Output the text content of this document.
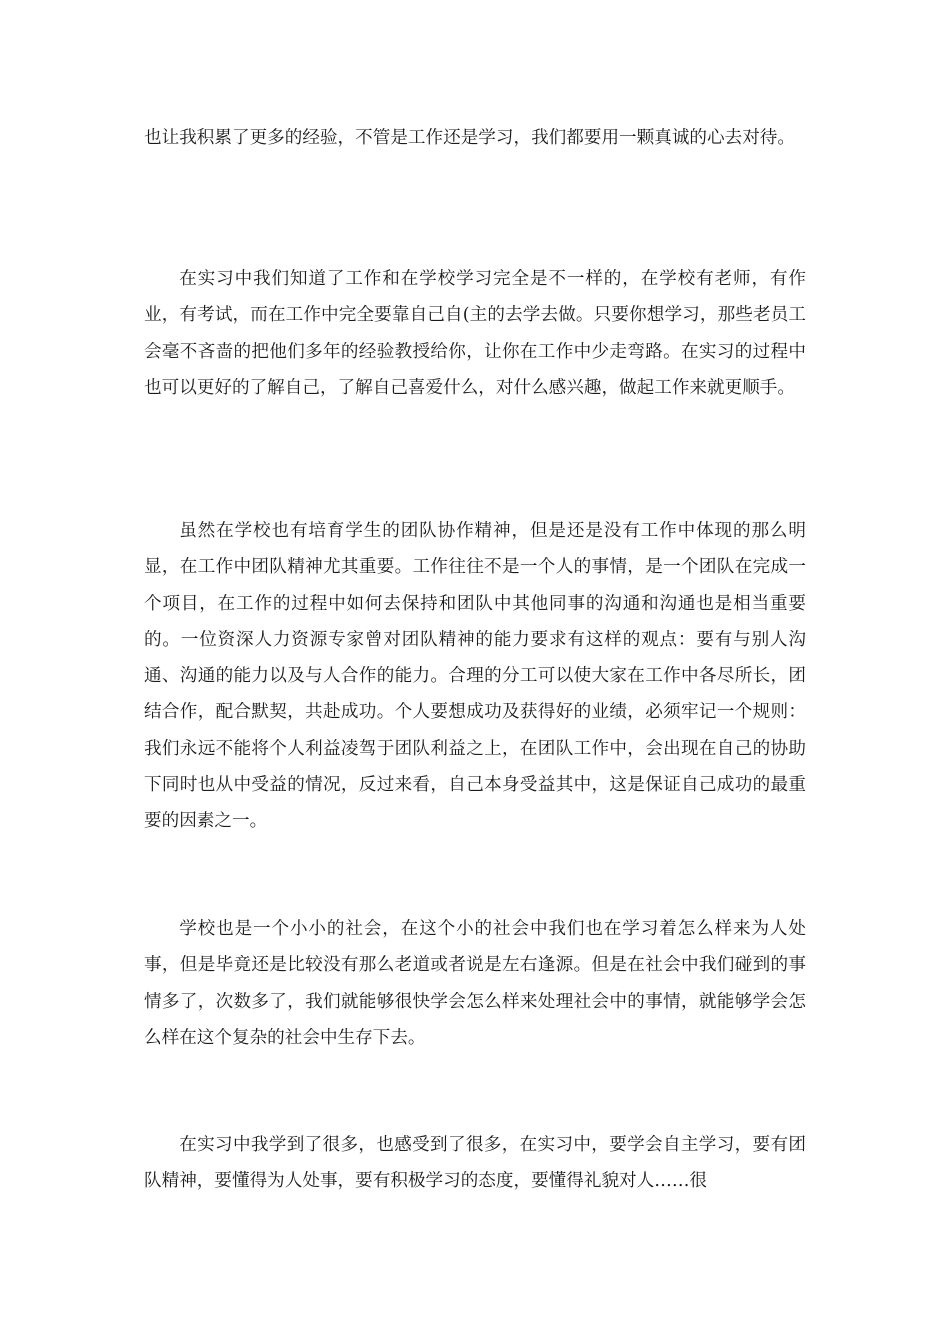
也让我积累了更多的经验，不管是工作还是学习，我们都要用一颗真诚的心去对待。

在实习中我们知道了工作和在学校学习完全是不一样的，在学校有老师，有作业，有考试，而在工作中完全要靠自己自(主的去学去做。只要你想学习，那些老员工会毫不吝啬的把他们多年的经验教授给你，让你在工作中少走弯路。在实习的过程中也可以更好的了解自己，了解自己喜爱什么，对什么感兴趣，做起工作来就更顺手。

虽然在学校也有培育学生的团队协作精神，但是还是没有工作中体现的那么明显，在工作中团队精神尤其重要。工作往往不是一个人的事情，是一个团队在完成一个项目，在工作的过程中如何去保持和团队中其他同事的沟通和沟通也是相当重要的。一位资深人力资源专家曾对团队精神的能力要求有这样的观点：要有与别人沟通、沟通的能力以及与人合作的能力。合理的分工可以使大家在工作中各尽所长，团结合作，配合默契，共赴成功。个人要想成功及获得好的业绩，必须牢记一个规则：我们永远不能将个人利益凌驾于团队利益之上，在团队工作中，会出现在自己的协助下同时也从中受益的情况，反过来看，自己本身受益其中，这是保证自己成功的最重要的因素之一。

学校也是一个小小的社会，在这个小的社会中我们也在学习着怎么样来为人处事，但是毕竟还是比较没有那么老道或者说是左右逢源。但是在社会中我们碰到的事情多了，次数多了，我们就能够很快学会怎么样来处理社会中的事情，就能够学会怎么样在这个复杂的社会中生存下去。

在实习中我学到了很多，也感受到了很多，在实习中，要学会自主学习，要有团队精神，要懂得为人处事，要有积极学习的态度，要懂得礼貌对人……很
